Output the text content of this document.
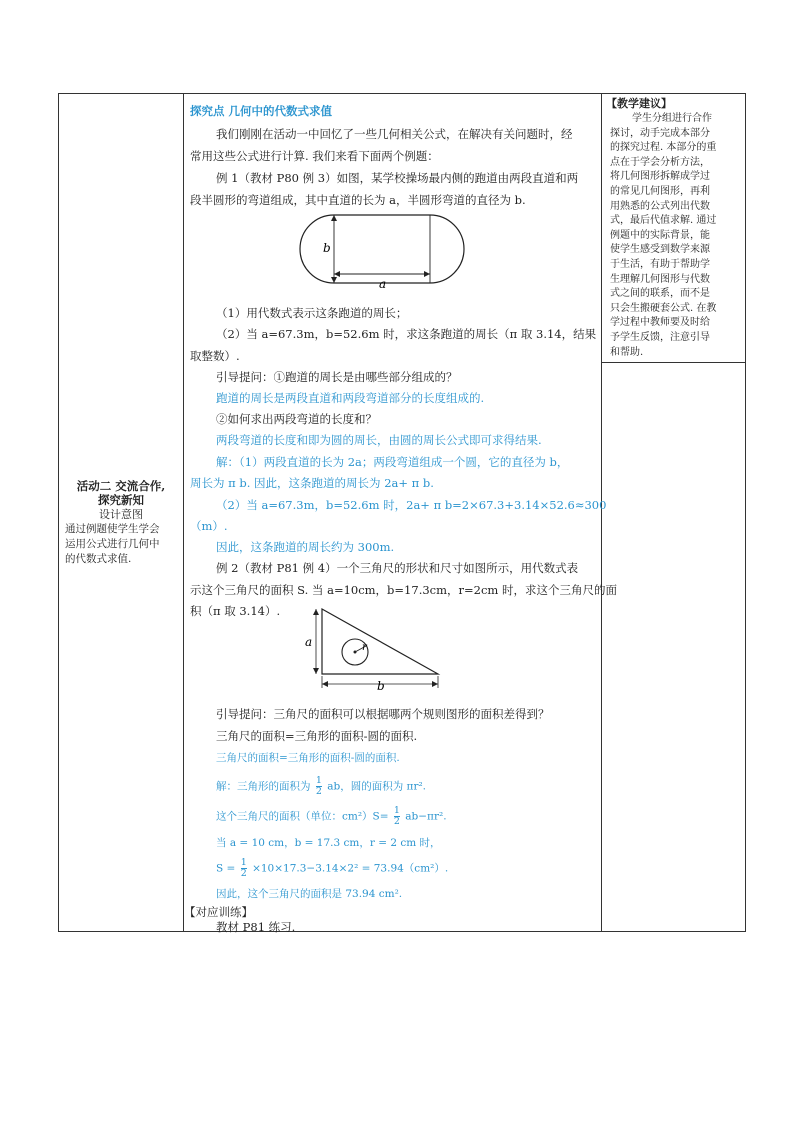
活动二 交流合作,
探究新知
设计意图
通过例题使学生学会
运用公式进行几何中
的代数式求值.
探究点 几何中的代数式求值
我们刚刚在活动一中回忆了一些几何相关公式，在解决有关问题时，经
常用这些公式进行计算. 我们来看下面两个例题：
例 1（教材 P80 例 3）如图，某学校操场最内侧的跑道由两段直道和两
段半圆形的弯道组成，其中直道的长为 a，半圆形弯道的直径为 b.
b
a
（1）用代数式表示这条跑道的周长；
（2）当 a=67.3m，b=52.6m 时，求这条跑道的周长（π 取 3.14，结果
取整数）.
引导提问：①跑道的周长是由哪些部分组成的？
跑道的周长是两段直道和两段弯道部分的长度组成的.
②如何求出两段弯道的长度和？
两段弯道的长度和即为圆的周长，由圆的周长公式即可求得结果.
解：（1）两段直道的长为 2a；两段弯道组成一个圆，它的直径为 b，
周长为 π b. 因此，这条跑道的周长为 2a+ π b.
（2）当 a=67.3m，b=52.6m 时，2a+ π b=2×67.3+3.14×52.6≈300
（m）.
因此，这条跑道的周长约为 300m.
例 2（教材 P81 例 4）一个三角尺的形状和尺寸如图所示，用代数式表
示这个三角尺的面积 S. 当 a=10cm，b=17.3cm，r=2cm 时，求这个三角尺的面
积（π 取 3.14）.
a
b
r
引导提问：三角尺的面积可以根据哪两个规则图形的面积差得到？
三角尺的面积=三角形的面积-圆的面积.
三角尺的面积=三角形的面积-圆的面积.
解：三角形的面积为 $\frac{1}{2}$ ab，圆的面积为 πr².
这个三角尺的面积（单位：$cm^2)S= \frac{1}{2} ab-\pi r^2$.
当 a = 10 cm，b = 17.3 cm，r = 2 cm 时，
$S = \frac{1}{2} \times 10\times 17.3-3.14\times 2^2 = 73.94(cm^2)$.
因此，这个三角尺的面积是 73.94 cm².
【对应训练】
教材 P81 练习.
【教学建议】
学生分组进行合作
探讨，动手完成本部分
的探究过程. 本部分的重
点在于学会分析方法，
将几何图形拆解成学过
的常见几何图形，再利
用熟悉的公式列出代数
式，最后代值求解. 通过
例题中的实际背景，能
使学生感受到数学来源
于生活，有助于帮助学
生理解几何图形与代数
式之间的联系，而不是
只会生搬硬套公式. 在教
学过程中教师要及时给
予学生反馈，注意引导
和帮助.
